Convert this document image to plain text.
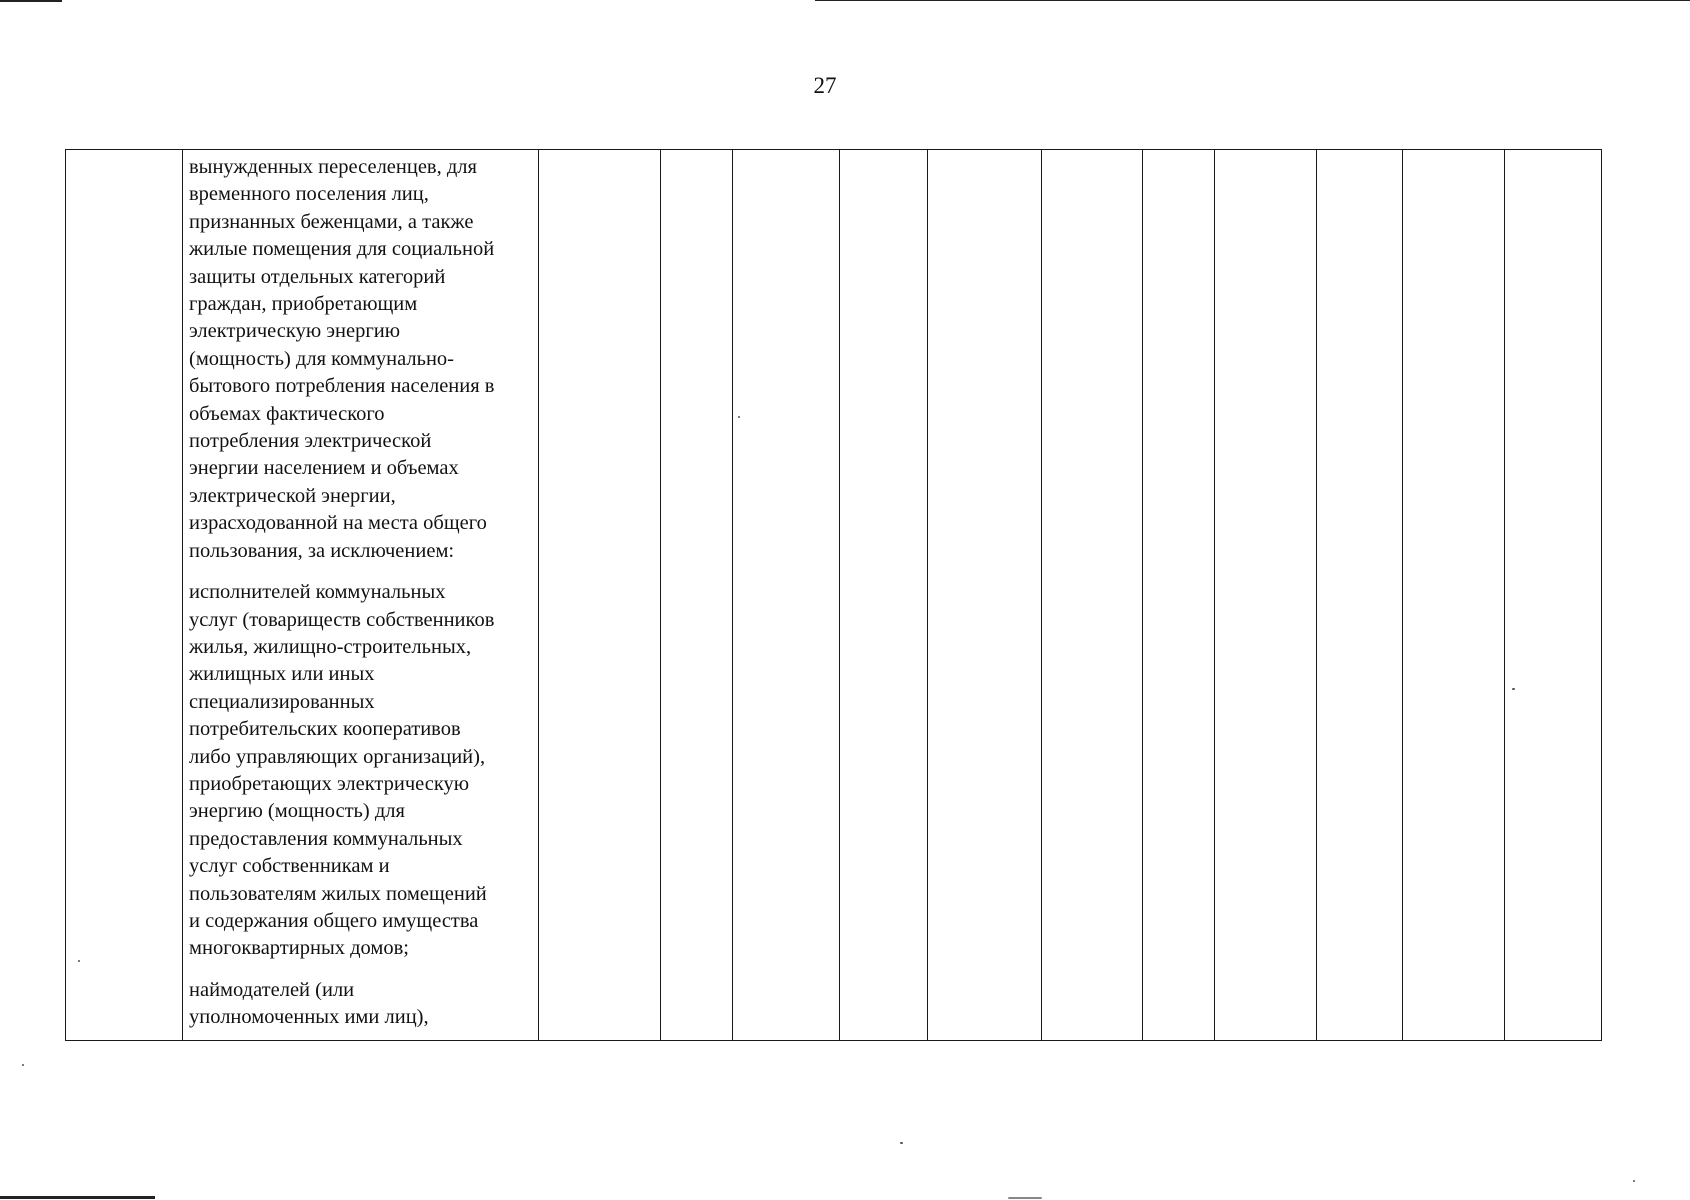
27

вынужденных переселенцев, для
временного поселения лиц,
признанных беженцами, а также
жилые помещения для социальной
защиты отдельных категорий
граждан, приобретающим
электрическую энергию
(мощность) для коммунально-
бытового потребления населения в
объемах фактического
потребления электрической
энергии населением и объемах
электрической энергии,
израсходованной на места общего
пользования, за исключением:

исполнителей коммунальных
услуг (товариществ собственников
жилья, жилищно-строительных,
жилищных или иных
специализированных
потребительских кооперативов
либо управляющих организаций),
приобретающих электрическую
энергию (мощность) для
предоставления коммунальных
услуг собственникам и
пользователям жилых помещений
и содержания общего имущества
многоквартирных домов;

наймодателей (или
уполномоченных ими лиц),
